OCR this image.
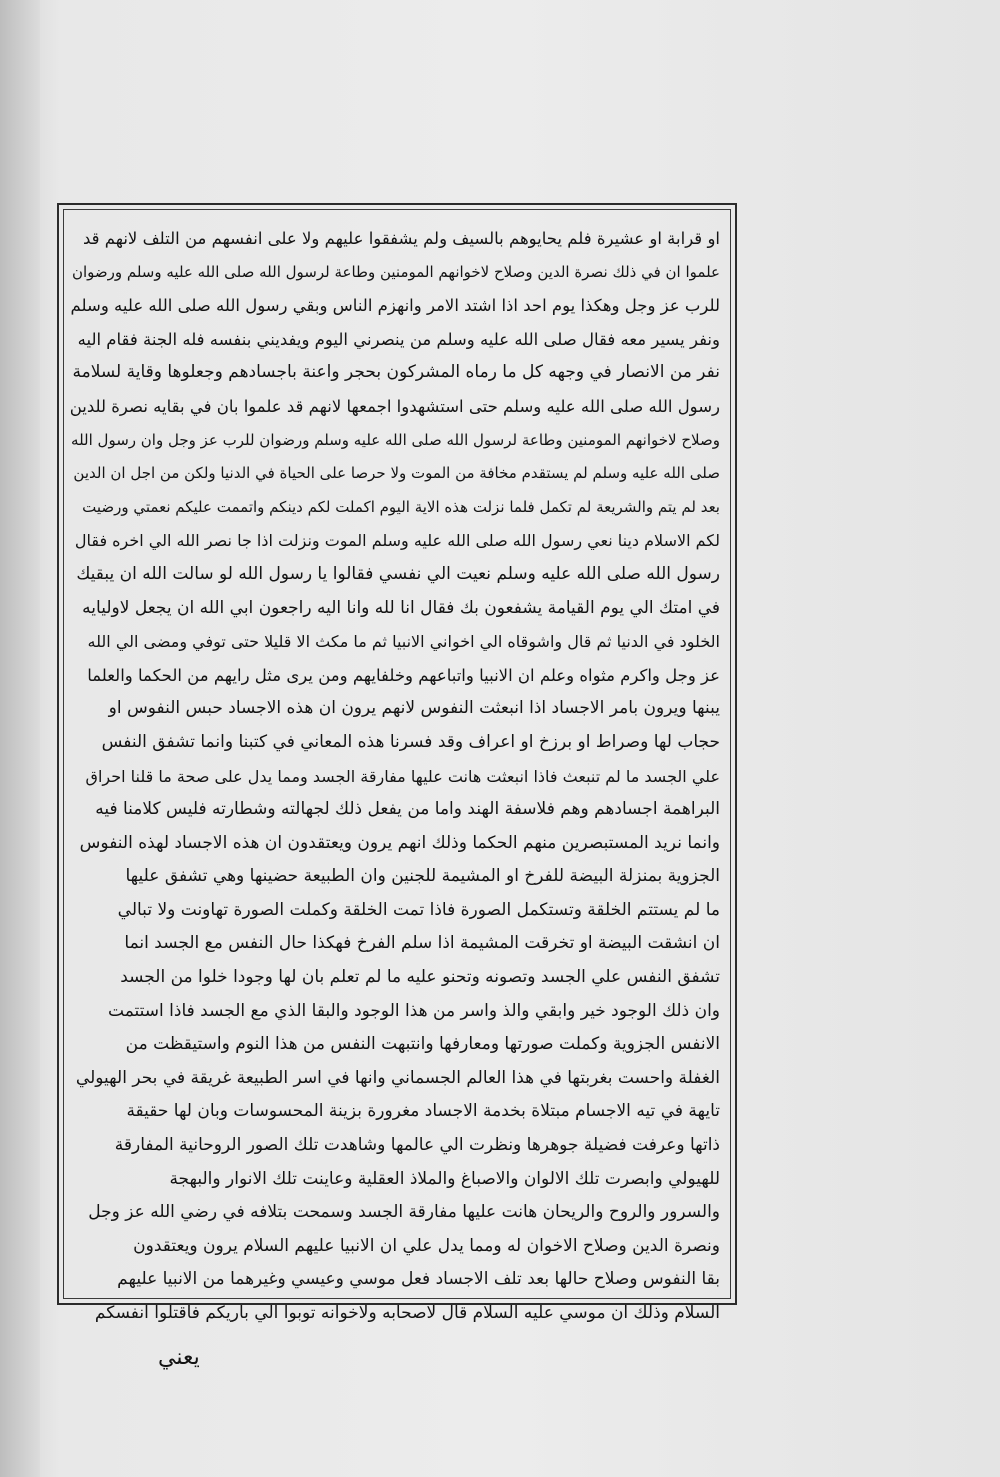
او قرابة او عشيرة فلم يحايوهم بالسيف ولم يشفقوا عليهم ولا على انفسهم من التلف لانهم قد
علموا ان في ذلك نصرة الدين وصلاح لاخوانهم المومنين وطاعة لرسول الله صلى الله عليه وسلم ورضوان
للرب عز وجل وهكذا يوم احد اذا اشتد الامر وانهزم الناس وبقي رسول الله صلى الله عليه وسلم
ونفر يسير معه فقال صلى الله عليه وسلم من ينصرني اليوم ويفديني بنفسه فله الجنة فقام اليه
نفر من الانصار في وجهه كل ما رماه المشركون بحجر واعنة باجسادهم وجعلوها وقاية لسلامة
رسول الله صلى الله عليه وسلم حتى استشهدوا اجمعها لانهم قد علموا بان في بقايه نصرة للدين
وصلاح لاخوانهم المومنين وطاعة لرسول الله صلى الله عليه وسلم ورضوان للرب عز وجل وان رسول الله
صلى الله عليه وسلم لم يستقدم مخافة من الموت ولا حرصا على الحياة في الدنيا ولكن من اجل ان الدين
بعد لم يتم والشريعة لم تكمل فلما نزلت هذه الاية اليوم اكملت لكم دينكم واتممت عليكم نعمتي ورضيت
لكم الاسلام دينا نعي رسول الله صلى الله عليه وسلم الموت ونزلت اذا جا نصر الله الي اخره فقال
رسول الله صلى الله عليه وسلم نعيت الي نفسي فقالوا يا رسول الله لو سالت الله ان يبقيك
في امتك الي يوم القيامة يشفعون بك فقال انا لله وانا اليه راجعون ابي الله ان يجعل لاوليايه
الخلود في الدنيا ثم قال واشوقاه الي اخواني الانبيا ثم ما مكث الا قليلا حتى توفي ومضى الي الله
عز وجل واكرم مثواه وعلم ان الانبيا واتباعهم وخلفايهم ومن يرى مثل رايهم من الحكما والعلما
يبنها ويرون بامر الاجساد اذا انبعثت النفوس لانهم يرون ان هذه الاجساد حبس النفوس او
حجاب لها وصراط او برزخ او اعراف وقد فسرنا هذه المعاني في كتبنا وانما تشفق النفس
علي الجسد ما لم تنبعث فاذا انبعثت هانت عليها مفارقة الجسد ومما يدل على صحة ما قلنا احراق
البراهمة اجسادهم وهم فلاسفة الهند واما من يفعل ذلك لجهالته وشطارته فليس كلامنا فيه
وانما نريد المستبصرين منهم الحكما وذلك انهم يرون ويعتقدون ان هذه الاجساد لهذه النفوس
الجزوية بمنزلة البيضة للفرخ او المشيمة للجنين وان الطبيعة حضينها وهي تشفق عليها
ما لم يستتم الخلقة وتستكمل الصورة فاذا تمت الخلقة وكملت الصورة تهاونت ولا تبالي
ان انشقت البيضة او تخرقت المشيمة اذا سلم الفرخ فهكذا حال النفس مع الجسد انما
تشفق النفس علي الجسد وتصونه وتحنو عليه ما لم تعلم بان لها وجودا خلوا من الجسد
وان ذلك الوجود خير وابقي والذ واسر من هذا الوجود والبقا الذي مع الجسد فاذا استتمت
الانفس الجزوية وكملت صورتها ومعارفها وانتبهت النفس من هذا النوم واستيقظت من
الغفلة واحست بغربتها في هذا العالم الجسماني وانها في اسر الطبيعة غريقة في بحر الهيولي
تايهة في تيه الاجسام مبتلاة بخدمة الاجساد مغرورة بزينة المحسوسات وبان لها حقيقة
ذاتها وعرفت فضيلة جوهرها ونظرت الي عالمها وشاهدت تلك الصور الروحانية المفارقة
للهيولي وابصرت تلك الالوان والاصباغ والملاذ العقلية وعاينت تلك الانوار والبهجة
والسرور والروح والريحان هانت عليها مفارقة الجسد وسمحت بتلافه في رضي الله عز وجل
ونصرة الدين وصلاح الاخوان له ومما يدل علي ان الانبيا عليهم السلام يرون ويعتقدون
بقا النفوس وصلاح حالها بعد تلف الاجساد فعل موسي وعيسي وغيرهما من الانبيا عليهم
السلام وذلك ان موسي عليه السلام قال لاصحابه ولاخوانه توبوا الي باريكم فاقتلوا انفسكم
يعني
